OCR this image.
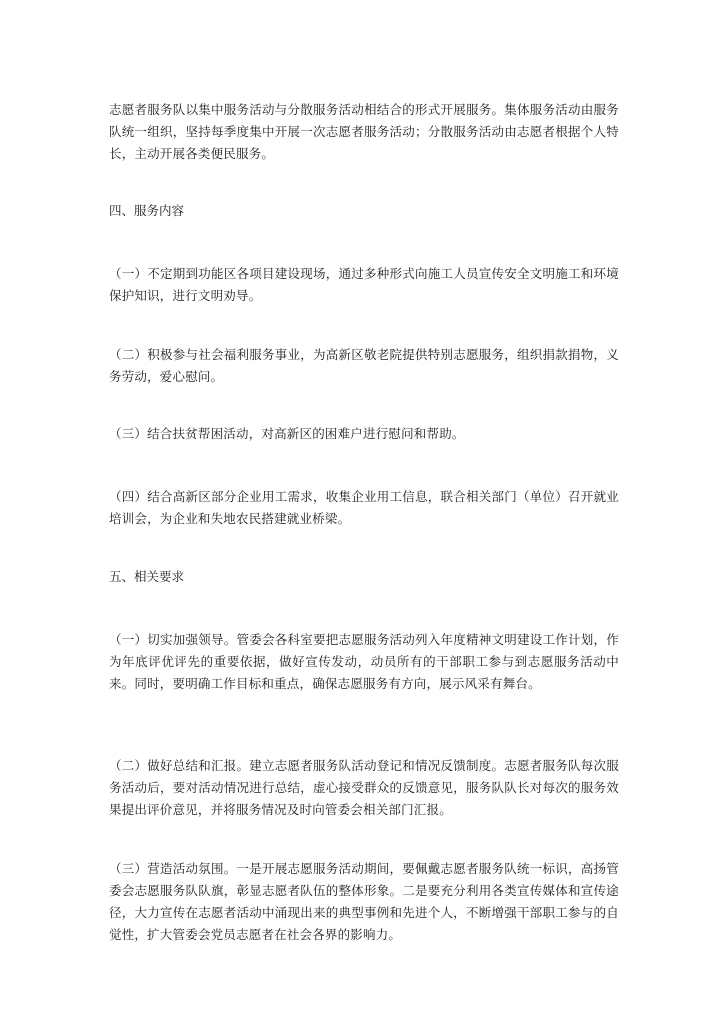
志愿者服务队以集中服务活动与分散服务活动相结合的形式开展服务。集体服务活动由服务队统一组织，坚持每季度集中开展一次志愿者服务活动；分散服务活动由志愿者根据个人特长，主动开展各类便民服务。

四、服务内容

（一）不定期到功能区各项目建设现场，通过多种形式向施工人员宣传安全文明施工和环境保护知识，进行文明劝导。

（二）积极参与社会福利服务事业，为高新区敬老院提供特别志愿服务，组织捐款捐物，义务劳动，爱心慰问。

（三）结合扶贫帮困活动，对高新区的困难户进行慰问和帮助。

（四）结合高新区部分企业用工需求，收集企业用工信息，联合相关部门（单位）召开就业培训会，为企业和失地农民搭建就业桥梁。

五、相关要求

（一）切实加强领导。管委会各科室要把志愿服务活动列入年度精神文明建设工作计划，作为年底评优评先的重要依据，做好宣传发动，动员所有的干部职工参与到志愿服务活动中来。同时，要明确工作目标和重点，确保志愿服务有方向，展示风采有舞台。

（二）做好总结和汇报。建立志愿者服务队活动登记和情况反馈制度。志愿者服务队每次服务活动后，要对活动情况进行总结，虚心接受群众的反馈意见，服务队队长对每次的服务效果提出评价意见，并将服务情况及时向管委会相关部门汇报。

（三）营造活动氛围。一是开展志愿服务活动期间，要佩戴志愿者服务队统一标识，高扬管委会志愿服务队队旗，彰显志愿者队伍的整体形象。二是要充分利用各类宣传媒体和宣传途径，大力宣传在志愿者活动中涌现出来的典型事例和先进个人，不断增强干部职工参与的自觉性，扩大管委会党员志愿者在社会各界的影响力。
